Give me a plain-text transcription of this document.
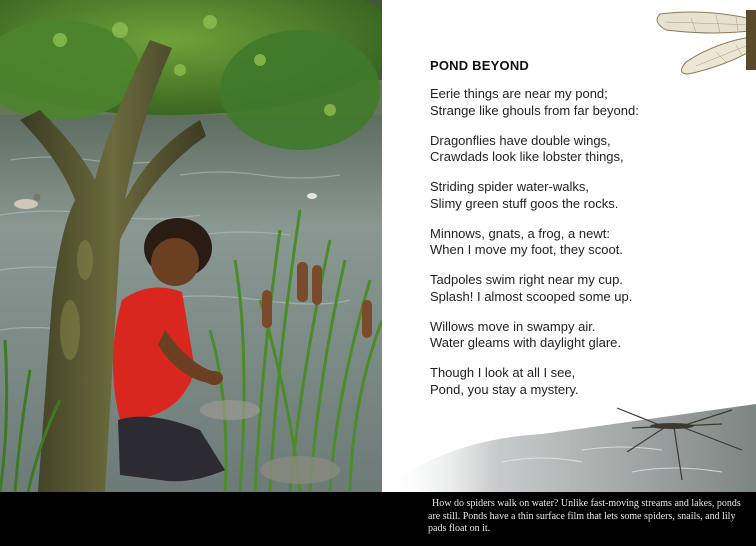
POND BEYOND

Eerie things are near my pond;
Strange like ghouls from far beyond:

Dragonflies have double wings,
Crawdads look like lobster things,

Striding spider water-walks,
Slimy green stuff goos the rocks.

Minnows, gnats, a frog, a newt:
When I move my foot, they scoot.

Tadpoles swim right near my cup.
Splash! I almost scooped some up.

Willows move in swampy air.
Water gleams with daylight glare.

Though I look at all I see,
Pond, you stay a mystery.

How do spiders walk on water? Unlike fast-moving streams and lakes, ponds are still. Ponds have a thin surface film that lets some spiders, snails, and lily pads float on it.
